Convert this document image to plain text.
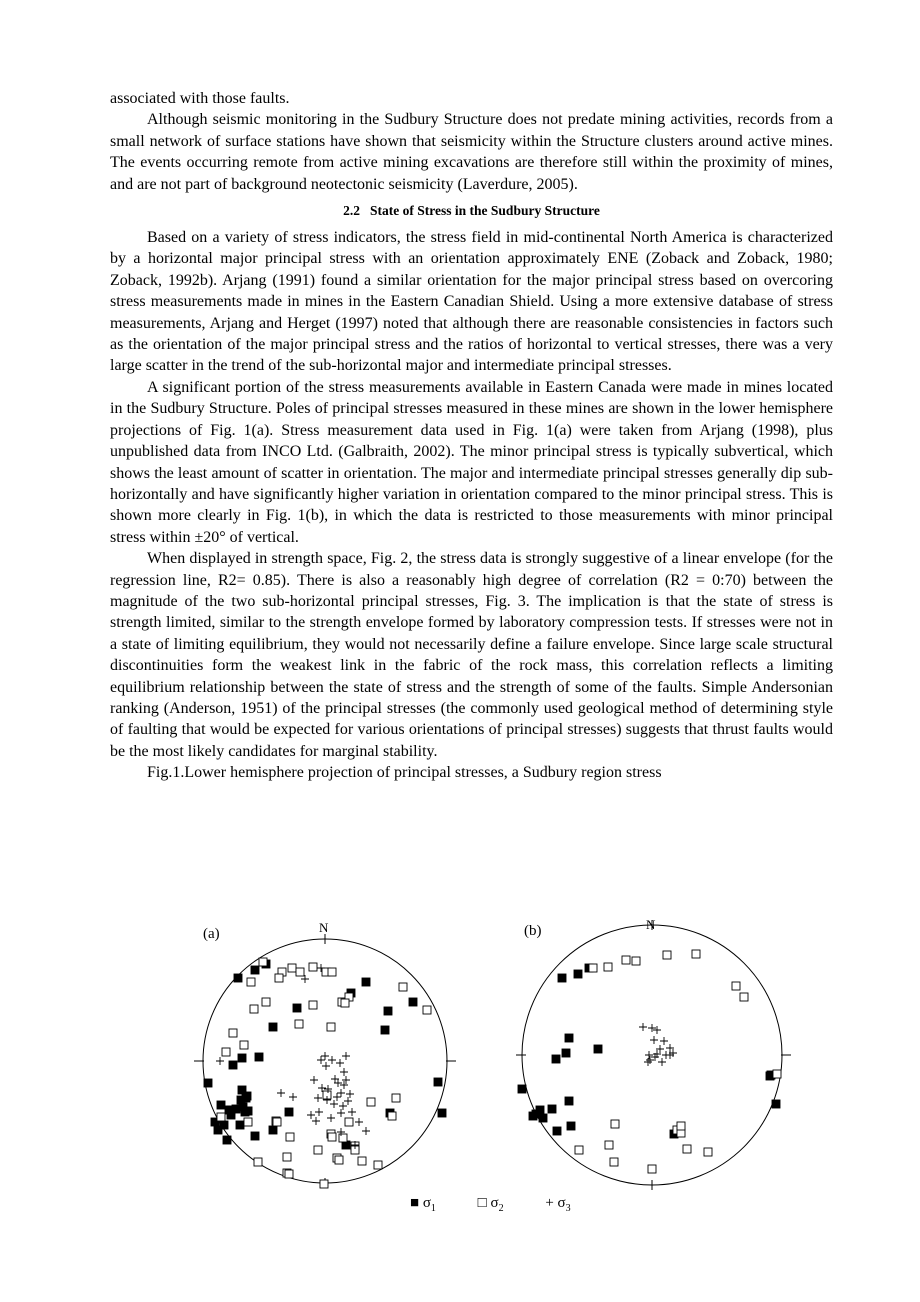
associated with those faults.

Although seismic monitoring in the Sudbury Structure does not predate mining activities, records from a small network of surface stations have shown that seismicity within the Structure clusters around active mines. The events occurring remote from active mining excavations are therefore still within the proximity of mines, and are not part of background neotectonic seismicity (Laverdure, 2005).

2.2 State of Stress in the Sudbury Structure

Based on a variety of stress indicators, the stress field in mid-continental North America is characterized by a horizontal major principal stress with an orientation approximately ENE (Zoback and Zoback, 1980; Zoback, 1992b). Arjang (1991) found a similar orientation for the major principal stress based on overcoring stress measurements made in mines in the Eastern Canadian Shield. Using a more extensive database of stress measurements, Arjang and Herget (1997) noted that although there are reasonable consistencies in factors such as the orientation of the major principal stress and the ratios of horizontal to vertical stresses, there was a very large scatter in the trend of the sub-horizontal major and intermediate principal stresses.

A significant portion of the stress measurements available in Eastern Canada were made in mines located in the Sudbury Structure. Poles of principal stresses measured in these mines are shown in the lower hemisphere projections of Fig. 1(a). Stress measurement data used in Fig. 1(a) were taken from Arjang (1998), plus unpublished data from INCO Ltd. (Galbraith, 2002). The minor principal stress is typically subvertical, which shows the least amount of scatter in orientation. The major and intermediate principal stresses generally dip sub-horizontally and have significantly higher variation in orientation compared to the minor principal stress. This is shown more clearly in Fig. 1(b), in which the data is restricted to those measurements with minor principal stress within ±20° of vertical.

When displayed in strength space, Fig. 2, the stress data is strongly suggestive of a linear envelope (for the regression line, R2= 0.85). There is also a reasonably high degree of correlation (R2 = 0:70) between the magnitude of the two sub-horizontal principal stresses, Fig. 3. The implication is that the state of stress is strength limited, similar to the strength envelope formed by laboratory compression tests. If stresses were not in a state of limiting equilibrium, they would not necessarily define a failure envelope. Since large scale structural discontinuities form the weakest link in the fabric of the rock mass, this correlation reflects a limiting equilibrium relationship between the state of stress and the strength of some of the faults. Simple Andersonian ranking (Anderson, 1951) of the principal stresses (the commonly used geological method of determining style of faulting that would be expected for various orientations of principal stresses) suggests that thrust faults would be the most likely candidates for marginal stability.

Fig.1.Lower hemisphere projection of principal stresses, a Sudbury region stress

(a)	(b)
N	N
■ $\sigma_1$	□ $\sigma_2$	+ $\sigma_3$
